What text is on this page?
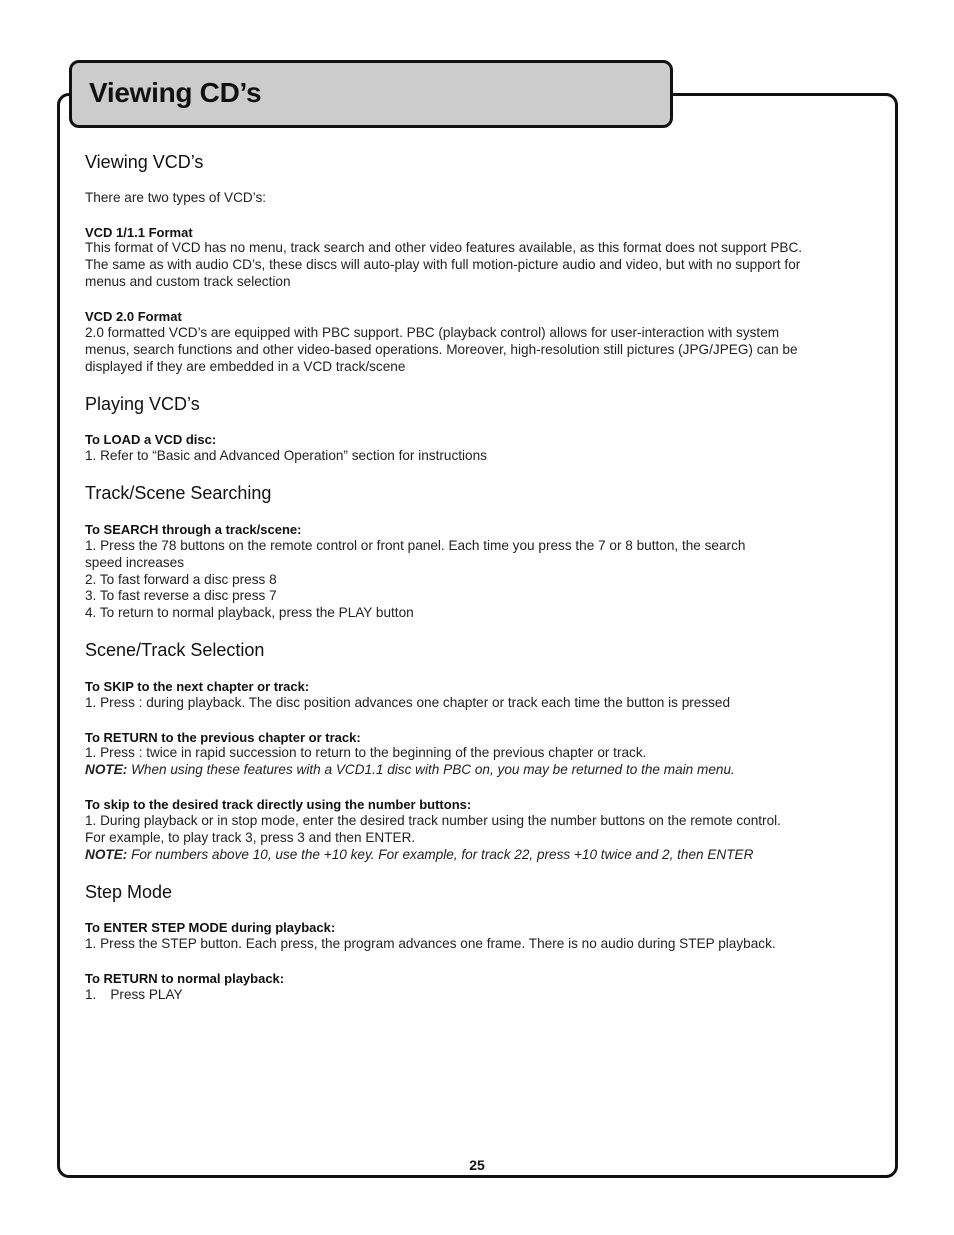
Viewing CD’s
Viewing VCD’s

There are two types of VCD’s:

VCD 1/1.1 Format

This format of VCD has no menu, track search and other video features available, as this format does not support PBC.
The same as with audio CD’s, these discs will auto-play with full motion-picture audio and video, but with no support for
menus and custom track selection

VCD 2.0 Format

2.0 formatted VCD’s are equipped with PBC support. PBC (playback control) allows for user-interaction with system
menus, search functions and other video-based operations. Moreover, high-resolution still pictures (JPG/JPEG) can be
displayed if they are embedded in a VCD track/scene

Playing VCD’s

To LOAD a VCD disc:

1. Refer to “Basic and Advanced Operation” section for instructions

Track/Scene Searching

To SEARCH through a track/scene:

1. Press the 78 buttons on the remote control or front panel. Each time you press the 7 or 8 button, the search
speed increases
2. To fast forward a disc press 8
3. To fast reverse a disc press 7
4. To return to normal playback, press the PLAY button

Scene/Track Selection

To SKIP to the next chapter or track:

1. Press : during playback. The disc position advances one chapter or track each time the button is pressed

To RETURN to the previous chapter or track:

1. Press : twice in rapid succession to return to the beginning of the previous chapter or track.
NOTE: When using these features with a VCD1.1 disc with PBC on, you may be returned to the main menu.

To skip to the desired track directly using the number buttons:

1. During playback or in stop mode, enter the desired track number using the number buttons on the remote control.
For example, to play track 3, press 3 and then ENTER.
NOTE: For numbers above 10, use the +10 key. For example, for track 22, press +10 twice and 2, then ENTER

Step Mode

To ENTER STEP MODE during playback:

1. Press the STEP button. Each press, the program advances one frame. There is no audio during STEP playback.

To RETURN to normal playback:

1. Press PLAY

25
